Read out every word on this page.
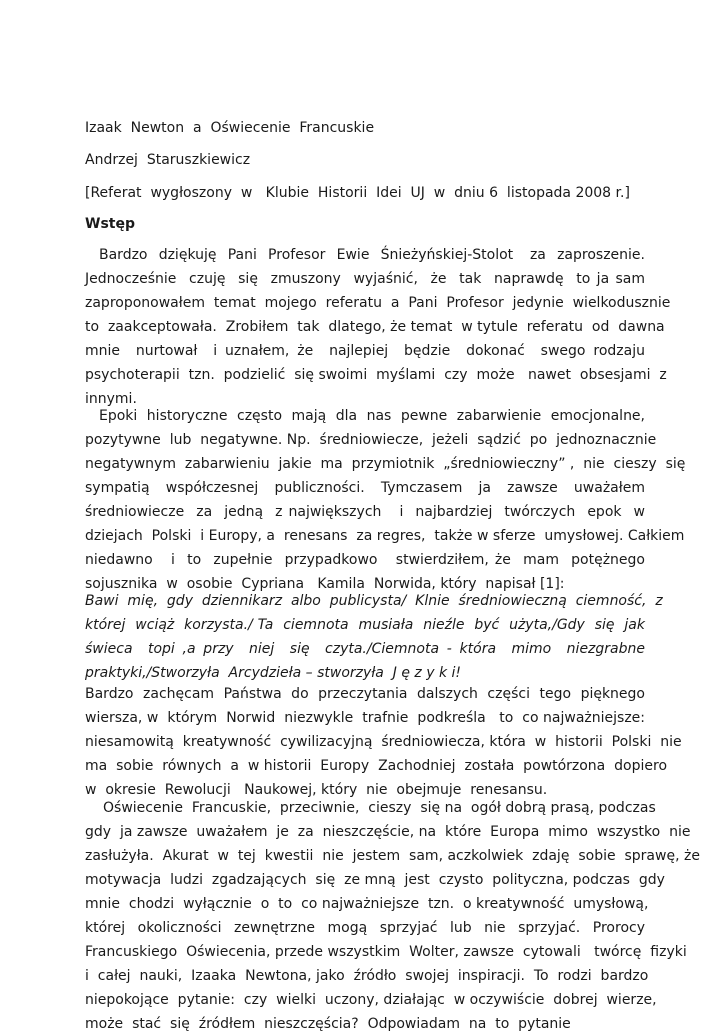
Izaak  Newton  a  Oświecenie  Francuskie

Andrzej  Staruszkiewicz

[Referat  wygłoszony  w   Klubie  Historii  Idei  UJ  w  dniu 6  listopada 2008 r.]

Wstęp

Bardzo  dziękuję  Pani  Profesor  Ewie  Śnieżyńskiej-Stolot   za  zaproszenie.
Jednocześnie  czuję  się  zmuszony  wyjaśnić,  że  tak  naprawdę  to ja sam
zaproponowałem  temat  mojego  referatu  a  Pani  Profesor  jedynie  wielkodusznie
to  zaakceptowała.  Zrobiłem  tak  dlatego, że temat  w tytule  referatu  od  dawna
mnie  nurtował  i uznałem, że  najlepiej  będzie  dokonać  swego rodzaju
psychoterapii  tzn.  podzielić  się swoimi  myślami  czy  może   nawet  obsesjami  z
innymi.
Epoki  historyczne  często  mają  dla  nas  pewne  zabarwienie  emocjonalne,
pozytywne  lub  negatywne. Np.  średniowiecze,  jeżeli  sądzić  po  jednoznacznie
negatywnym  zabarwieniu  jakie  ma  przymiotnik  „średniowieczny” ,  nie  cieszy  się
sympatią  współczesnej  publiczności.  Tymczasem  ja  zawsze  uważałem
średniowiecze  za  jedną  z największych   i  najbardziej  twórczych  epok  w
dziejach  Polski  i Europy, a  renesans  za regres,  także w sferze  umysłowej. Całkiem
niedawno   i  to  zupełnie  przypadkowo   stwierdziłem, że  mam  potężnego
sojusznika  w  osobie  Cypriana   Kamila  Norwida, który  napisał [1]:
Bawi  mię,  gdy  dziennikarz  albo  publicysta/  Klnie  średniowieczną  ciemność,  z
której  wciąż  korzysta./ Ta  ciemnota  musiała  nieźle  być  użyta,/Gdy  się  jak
świeca  topi ,a przy  niej  się  czyta./Ciemnota - która  mimo  niezgrabne
praktyki,/Stworzyła  Arcydzieła – stworzyła  J ę z y k i!
Bardzo  zachęcam  Państwa  do  przeczytania  dalszych  części  tego  pięknego
wiersza, w  którym  Norwid  niezwykle  trafnie  podkreśla   to  co najważniejsze:
niesamowitą  kreatywność  cywilizacyjną  średniowiecza, która  w  historii  Polski  nie
ma  sobie  równych  a  w historii  Europy  Zachodniej  została  powtórzona  dopiero
w  okresie  Rewolucji   Naukowej, który  nie  obejmuje  renesansu.
Oświecenie  Francuskie,  przeciwnie,  cieszy  się na  ogół dobrą prasą, podczas
gdy  ja zawsze  uważałem  je  za  nieszczęście, na  które  Europa  mimo  wszystko  nie
zasłużyła.  Akurat  w  tej  kwestii  nie  jestem  sam, aczkolwiek  zdaję  sobie  sprawę, że
motywacja  ludzi  zgadzających  się  ze mną  jest  czysto  polityczna, podczas  gdy
mnie  chodzi  wyłącznie  o  to  co najważniejsze  tzn.  o kreatywność  umysłową,
której  okoliczności  zewnętrzne  mogą  sprzyjać  lub  nie  sprzyjać.  Prorocy
Francuskiego  Oświecenia, przede wszystkim  Wolter, zawsze  cytowali   twórcę  fizyki
i  całej  nauki,  Izaaka  Newtona, jako  źródło  swojej  inspiracji.  To  rodzi  bardzo
niepokojące  pytanie:  czy  wielki  uczony, działając  w oczywiście  dobrej  wierze,
może  stać  się  źródłem  nieszczęścia?  Odpowiadam  na  to  pytanie
